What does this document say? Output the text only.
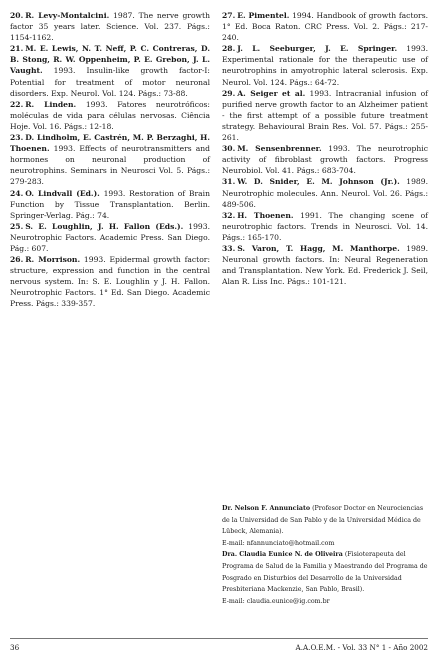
20. R. Levy-Montalcini. 1987. The nerve growth factor 35 years later. Science. Vol. 237. Págs.: 1154-1162.

21. M. E. Lewis, N. T. Neff, P. C. Contreras, D. B. Stong, R. W. Oppenheim, P. E. Grebon, J. L. Vaught. 1993. Insulin-like growth factor-I: Potential for treatment of motor neuronal disorders. Exp. Neurol. Vol. 124. Págs.: 73-88.

22. R. Linden. 1993. Fatores neurotróficos: moléculas de vida para células nervosas. Ciência Hoje. Vol. 16. Págs.: 12-18.

23. D. Lindholm, E. Castrén, M. P. Berzaghi, H. Thoenen. 1993. Effects of neurotransmitters and hormones on neuronal production of neurotrophins. Seminars in Neurosci Vol. 5. Págs.: 279-283.

24. O. Lindvall (Ed.). 1993. Restoration of Brain Function by Tissue Transplantation. Berlin. Springer-Verlag. Pág.: 74.

25. S. E. Loughlin, J. H. Fallon (Eds.). 1993. Neurotrophic Factors. Academic Press. San Diego. Pág.: 607.

26. R. Morrison. 1993. Epidermal growth factor: structure, expression and function in the central nervous system. In: S. E. Loughlin y J. H. Fallon. Neurotrophic Factors. 1° Ed. San Diego. Academic Press. Págs.: 339-357.

27. E. Pimentel. 1994. Handbook of growth factors. 1° Ed. Boca Raton. CRC Press. Vol. 2. Págs.: 217-240.

28. J. L. Seeburger, J. E. Springer. 1993. Experimental rationale for the therapeutic use of neurotrophins in amyotrophic lateral sclerosis. Exp. Neurol. Vol. 124. Págs.: 64-72.

29. A. Seiger et al. 1993. Intracranial infusion of purified nerve growth factor to an Alzheimer patient - the first attempt of a possible future treatment strategy. Behavioural Brain Res. Vol. 57. Págs.: 255-261.

30. M. Sensenbrenner. 1993. The neurotrophic activity of fibroblast growth factors. Progress Neurobiol. Vol. 41. Págs.: 683-704.

31. W. D. Snider, E. M. Johnson (Jr.). 1989. Neurotrophic molecules. Ann. Neurol. Vol. 26. Págs.: 489-506.

32. H. Thoenen. 1991. The changing scene of neurotrophic factors. Trends in Neurosci. Vol. 14. Págs.: 165-170.

33. S. Varon, T. Hagg, M. Manthorpe. 1989. Neuronal growth factors. In: Neural Regeneration and Transplantation. New York. Ed. Frederick J. Seil, Alan R. Liss Inc. Págs.: 101-121.

Dr. Nelson F. Annunciato (Profesor Doctor en Neurociencias de la Universidad de San Pablo y de la Universidad Médica de Lübeck, Alemania).

E-mail: nfannunciato@hotmail.com

Dra. Claudia Eunice N. de Oliveira (Fisioterapeuta del Programa de Salud de la Familia y Maestrando del Programa de Posgrado en Disturbios del Desarrollo de la Universidad Presbiteriana Mackenzie, San Pablo, Brasil).

E-mail: claudia.eunice@ig.com.br

36	A.A.O.E.M. - Vol. 33 N° 1 - Año 2002
